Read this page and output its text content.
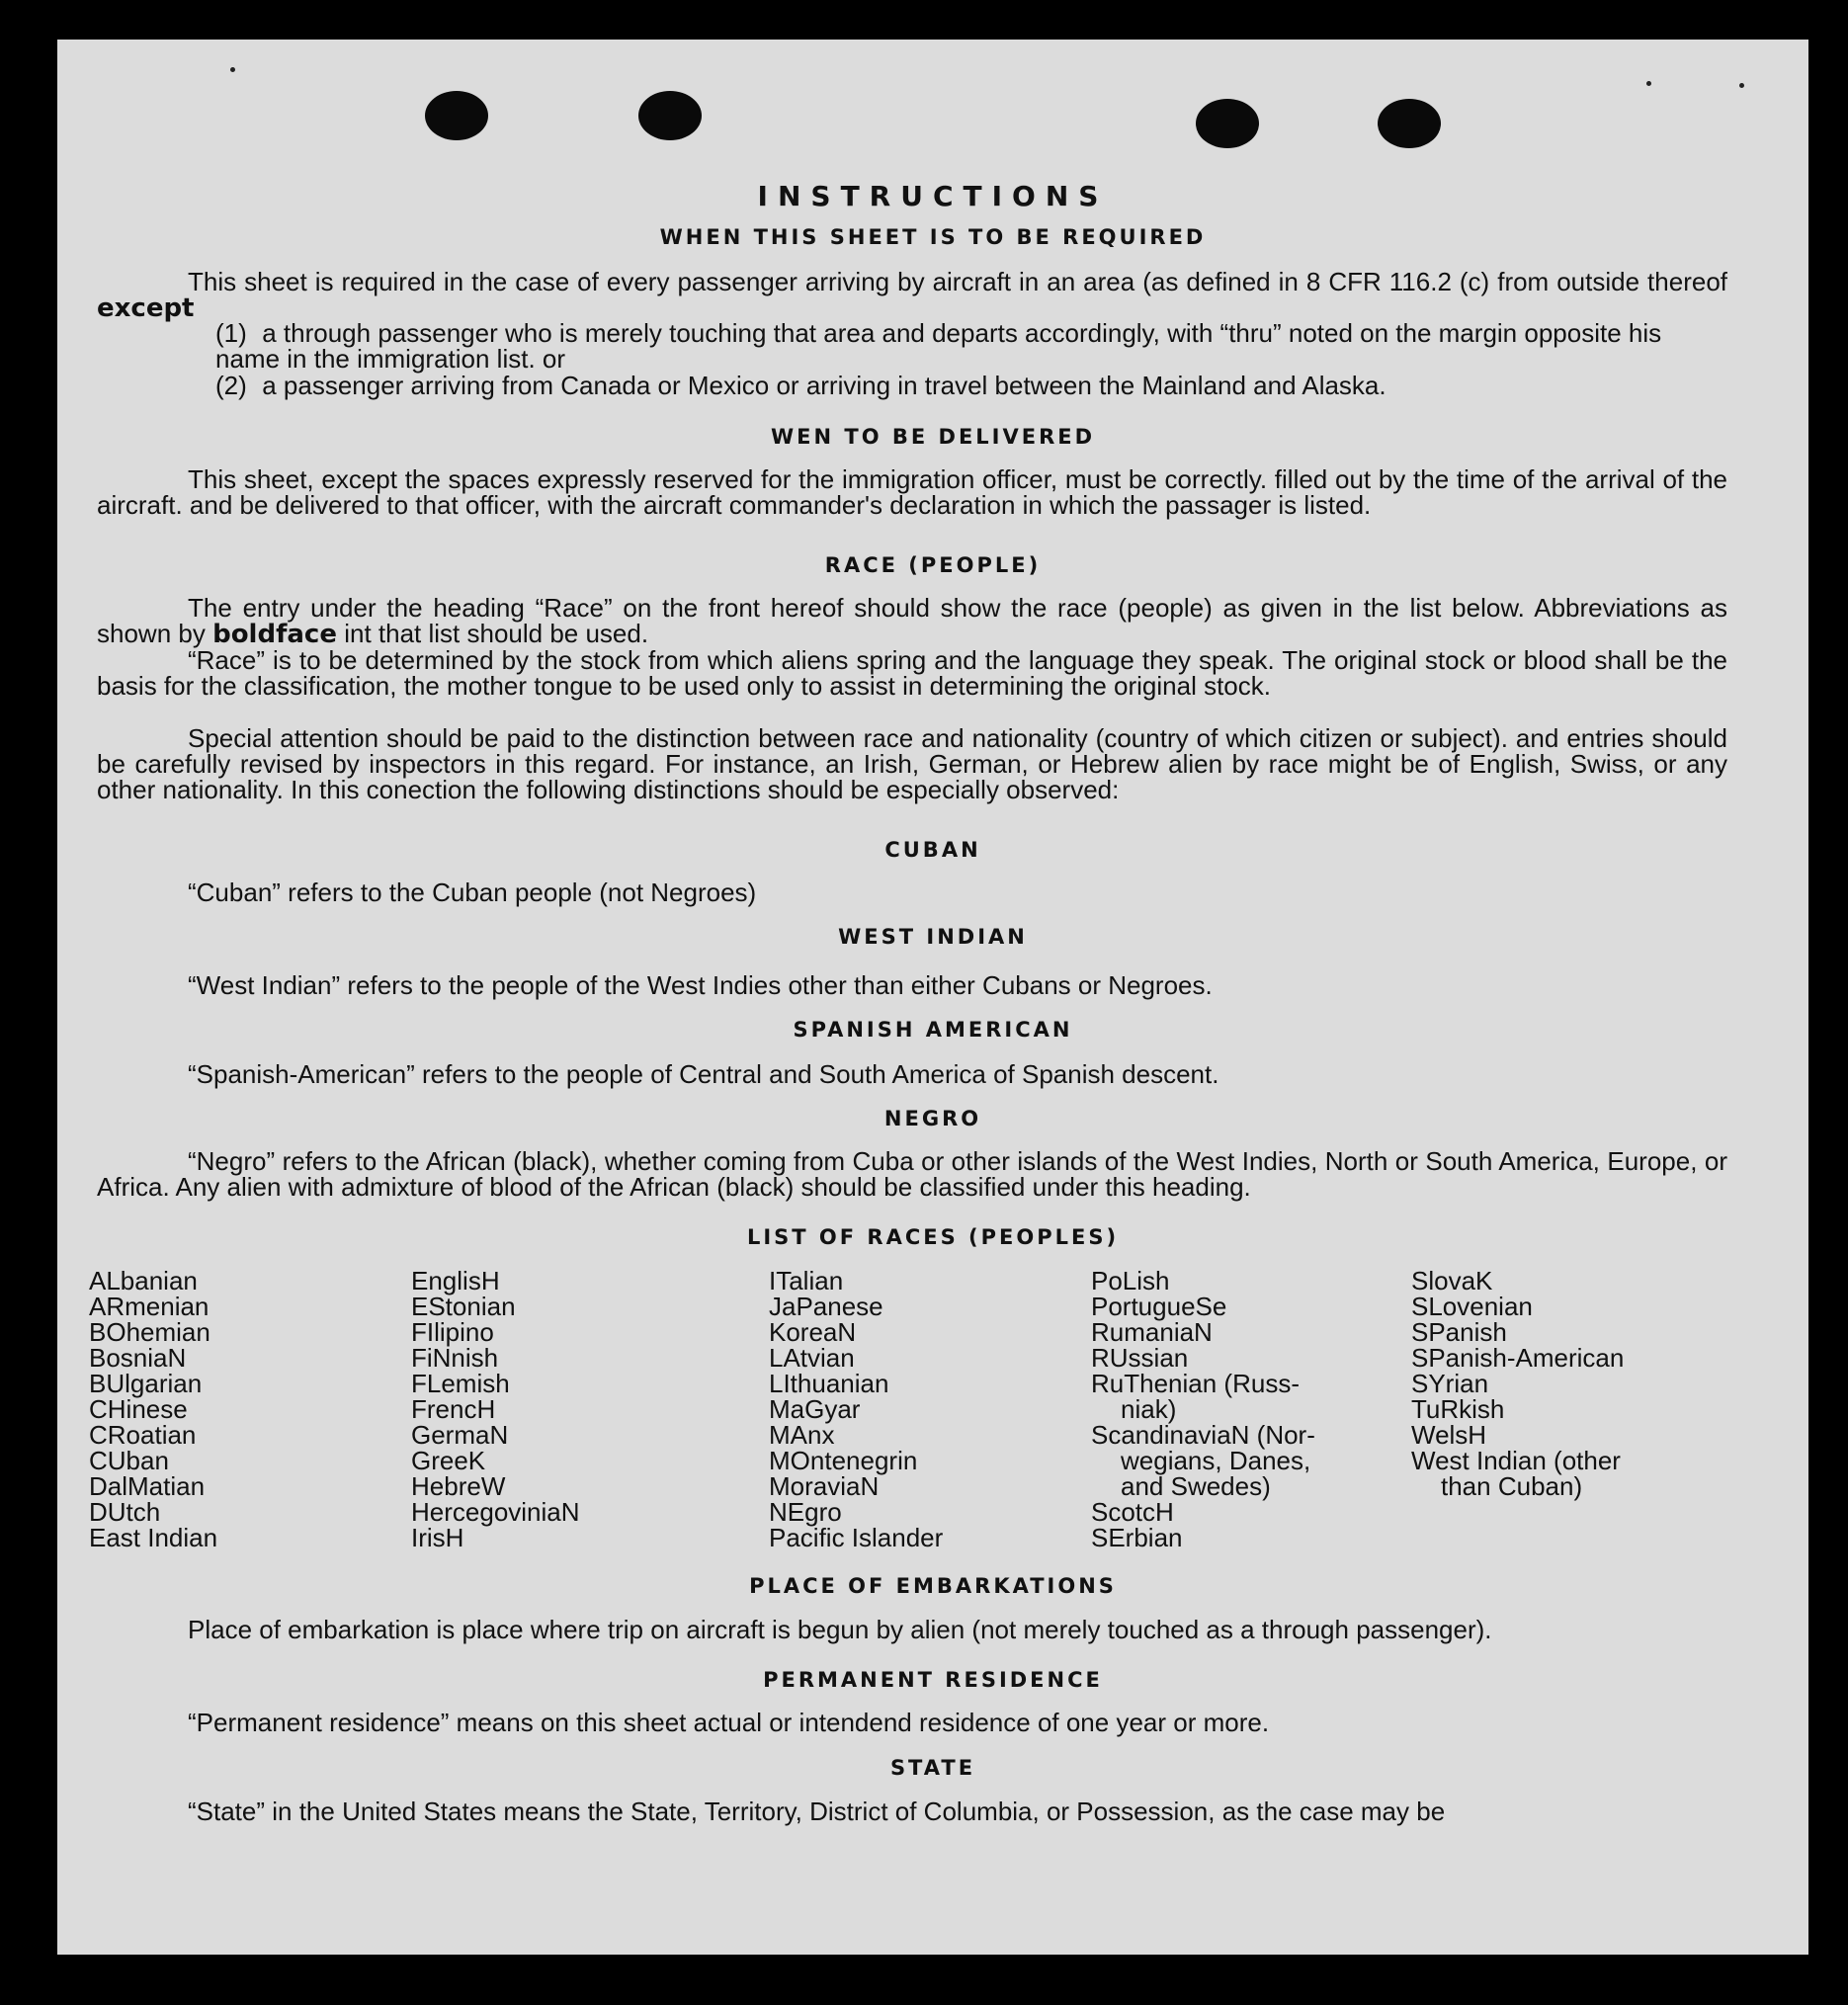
INSTRUCTIONS
WHEN THIS SHEET IS TO BE REQUIRED
This sheet is required in the case of every passenger arriving by aircraft in an area (as defined in 8 CFR 116.2 (c) from outside thereof except
(1) a through passenger who is merely touching that area and departs accordingly, with “thru” noted on the margin opposite his name in the immigration list. or
(2) a passenger arriving from Canada or Mexico or arriving in travel between the Mainland and Alaska.
WEN TO BE DELIVERED
This sheet, except the spaces expressly reserved for the immigration officer, must be correctly. filled out by the time of the arrival of the aircraft. and be delivered to that officer, with the aircraft commander's declaration in which the passager is listed.
RACE (PEOPLE)
The entry under the heading “Race” on the front hereof should show the race (people) as given in the list below. Abbreviations as shown by boldface int that list should be used.
“Race” is to be determined by the stock from which aliens spring and the language they speak. The original stock or blood shall be the basis for the classification, the mother tongue to be used only to assist in determining the original stock.
Special attention should be paid to the distinction between race and nationality (country of which citizen or subject). and entries should be carefully revised by inspectors in this regard. For instance, an Irish, German, or Hebrew alien by race might be of English, Swiss, or any other nationality. In this conection the following distinctions should be especially observed:
CUBAN
“Cuban” refers to the Cuban people (not Negroes)
WEST INDIAN
“West Indian” refers to the people of the West Indies other than either Cubans or Negroes.
SPANISH AMERICAN
“Spanish-American” refers to the people of Central and South America of Spanish descent.
NEGRO
“Negro” refers to the African (black), whether coming from Cuba or other islands of the West Indies, North or South America, Europe, or Africa. Any alien with admixture of blood of the African (black) should be classified under this heading.
LIST OF RACES (PEOPLES)
ALbanian
ARmenian
BOhemian
BosniaN
BUlgarian
CHinese
CRoatian
CUban
DalMatian
DUtch
East Indian
EnglisH
EStonian
FIlipino
FiNnish
FLemish
FrencH
GermaN
GreeK
HebreW
HercegoviniaN
IrisH
ITalian
JaPanese
KoreaN
LAtvian
LIthuanian
MaGyar
MAnx
MOntenegrin
MoraviaN
NEgro
Pacific Islander
PoLish
PortugueSe
RumaniaN
RUssian
RuThenian (Russ-
niak)
ScandinaviaN (Nor-
wegians, Danes,
and Swedes)
ScotcH
SErbian
SlovaK
SLovenian
SPanish
SPanish-American
SYrian
TuRkish
WelsH
West Indian (other
than Cuban)
PLACE OF EMBARKATIONS
Place of embarkation is place where trip on aircraft is begun by alien (not merely touched as a through passenger).
PERMANENT RESIDENCE
“Permanent residence” means on this sheet actual or intendend residence of one year or more.
STATE
“State” in the United States means the State, Territory, District of Columbia, or Possession, as the case may be
